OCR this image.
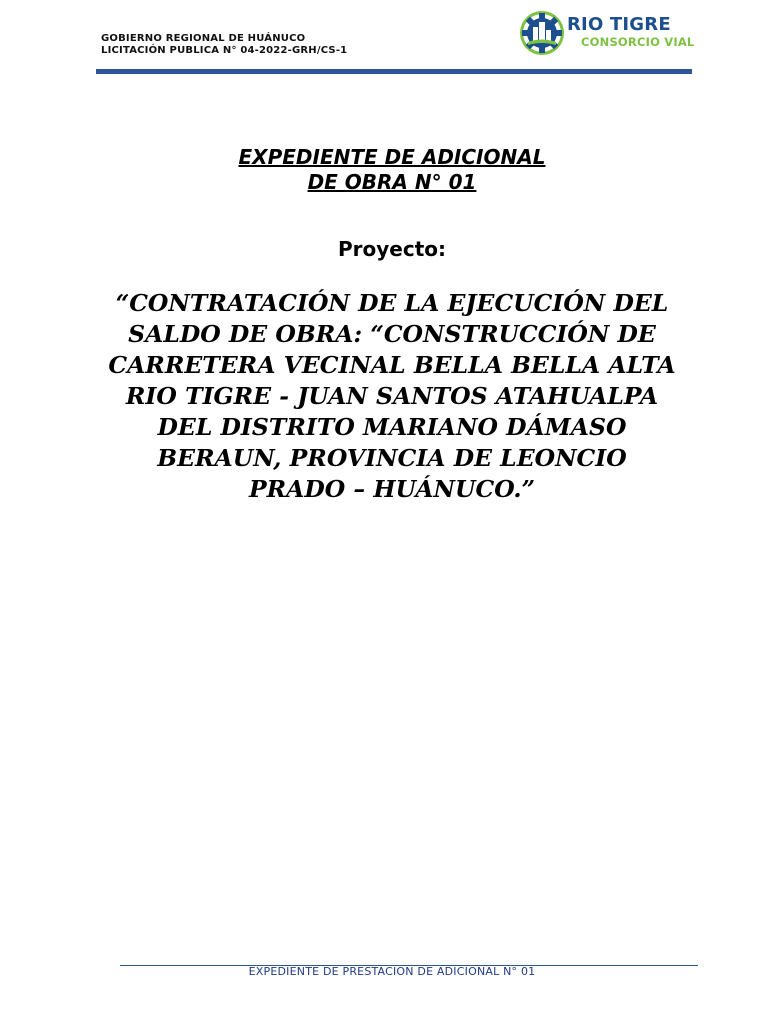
GOBIERNO REGIONAL DE HUÁNUCO
LICITACIÓN PUBLICA N° 04-2022-GRH/CS-1
RIO TIGRE
CONSORCIO VIAL
EXPEDIENTE DE ADICIONAL
DE OBRA N° 01
Proyecto:
“CONTRATACIÓN DE LA EJECUCIÓN DEL SALDO DE OBRA: “CONSTRUCCIÓN DE CARRETERA VECINAL BELLA BELLA ALTA RIO TIGRE - JUAN SANTOS ATAHUALPA DEL DISTRITO MARIANO DÁMASO BERAUN, PROVINCIA DE LEONCIO PRADO – HUÁNUCO.”
EXPEDIENTE DE PRESTACION DE ADICIONAL N° 01
